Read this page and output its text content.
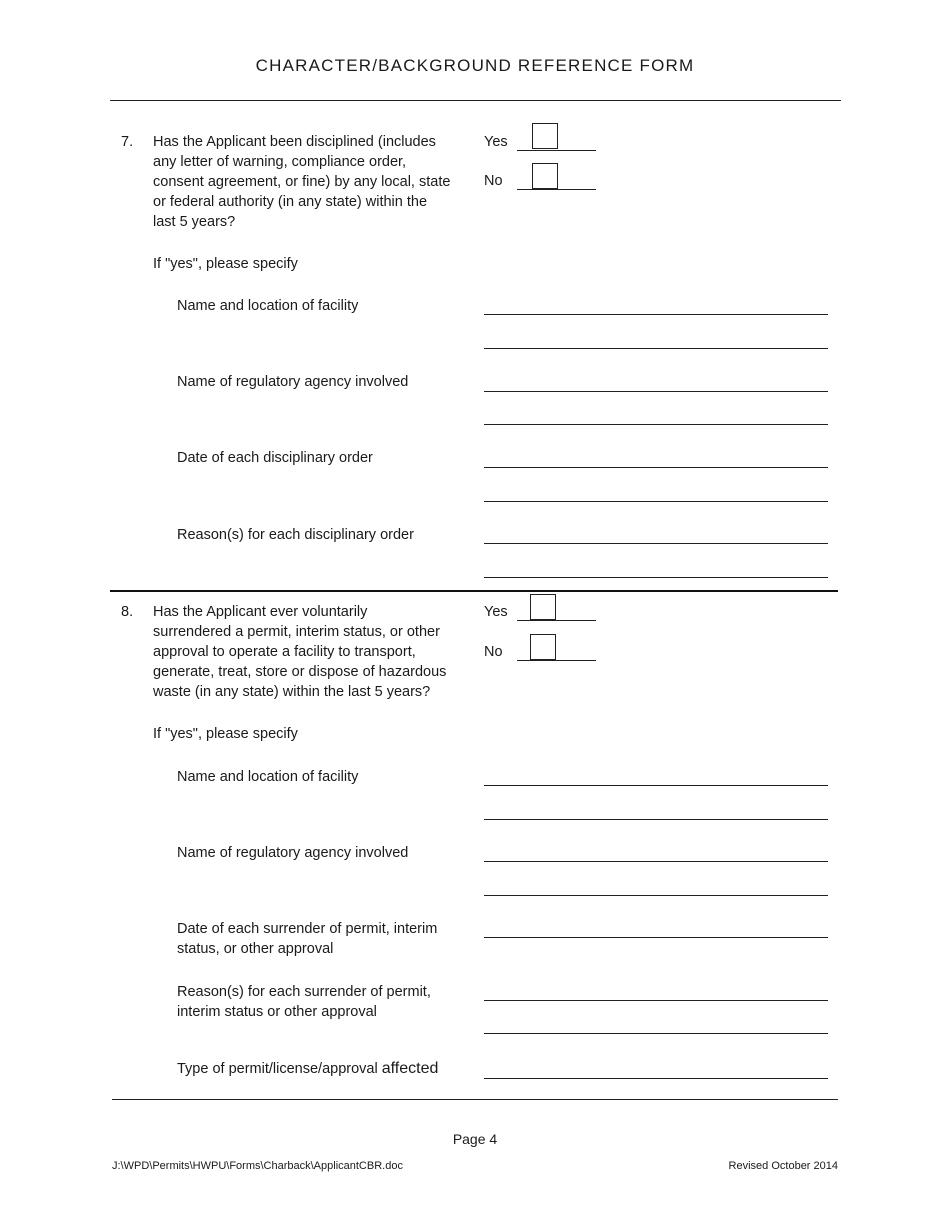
CHARACTER/BACKGROUND REFERENCE FORM
7. Has the Applicant been disciplined (includes
any letter of warning, compliance order,
consent agreement, or fine) by any local, state
or federal authority (in any state) within the
last 5 years?
Yes
No
If "yes", please specify
Name and location of facility
Name of regulatory agency involved
Date of each disciplinary order
Reason(s) for each disciplinary order
8. Has the Applicant ever voluntarily
surrendered a permit, interim status, or other
approval to operate a facility to transport,
generate, treat, store or dispose of hazardous
waste (in any state) within the last 5 years?
Yes
No
If "yes", please specify
Name and location of facility
Name of regulatory agency involved
Date of each surrender of permit, interim
status, or other approval
Reason(s) for each surrender of permit,
interim status or other approval
Type of permit/license/approval affected
Page 4
J:\WPD\Permits\HWPU\Forms\Charback\ApplicantCBR.doc	Revised October 2014
